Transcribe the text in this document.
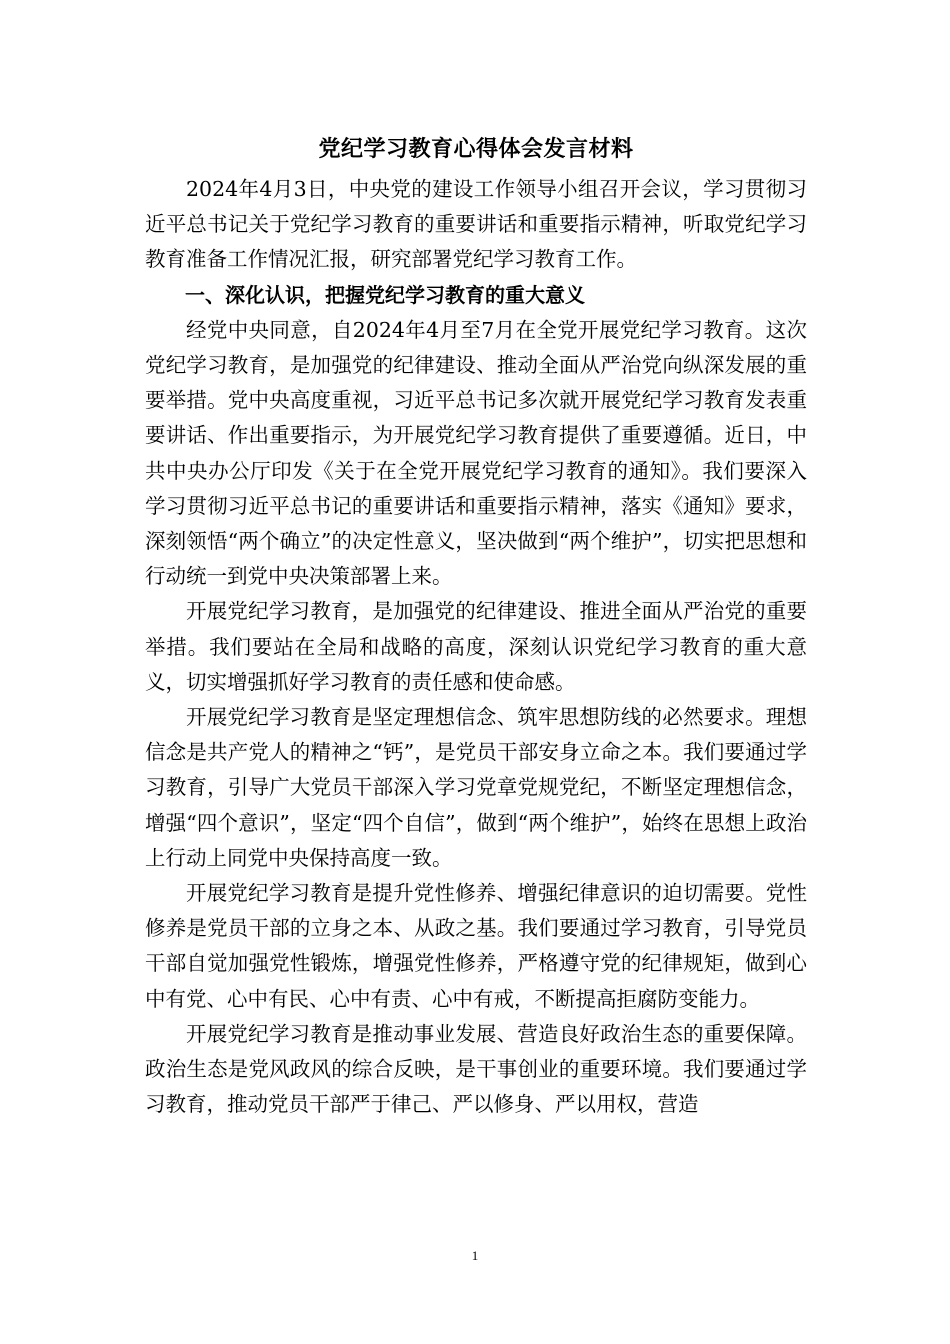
党纪学习教育心得体会发言材料

2024年4月3日，中央党的建设工作领导小组召开会议，学习贯彻习近平总书记关于党纪学习教育的重要讲话和重要指示精神，听取党纪学习教育准备工作情况汇报，研究部署党纪学习教育工作。

一、深化认识，把握党纪学习教育的重大意义

经党中央同意，自2024年4月至7月在全党开展党纪学习教育。这次党纪学习教育，是加强党的纪律建设、推动全面从严治党向纵深发展的重要举措。党中央高度重视，习近平总书记多次就开展党纪学习教育发表重要讲话、作出重要指示，为开展党纪学习教育提供了重要遵循。近日，中共中央办公厅印发《关于在全党开展党纪学习教育的通知》。我们要深入学习贯彻习近平总书记的重要讲话和重要指示精神，落实《通知》要求，深刻领悟“两个确立”的决定性意义，坚决做到“两个维护”，切实把思想和行动统一到党中央决策部署上来。

开展党纪学习教育，是加强党的纪律建设、推进全面从严治党的重要举措。我们要站在全局和战略的高度，深刻认识党纪学习教育的重大意义，切实增强抓好学习教育的责任感和使命感。

开展党纪学习教育是坚定理想信念、筑牢思想防线的必然要求。理想信念是共产党人的精神之“钙”，是党员干部安身立命之本。我们要通过学习教育，引导广大党员干部深入学习党章党规党纪，不断坚定理想信念，增强“四个意识”，坚定“四个自信”，做到“两个维护”，始终在思想上政治上行动上同党中央保持高度一致。

开展党纪学习教育是提升党性修养、增强纪律意识的迫切需要。党性修养是党员干部的立身之本、从政之基。我们要通过学习教育，引导党员干部自觉加强党性锻炼，增强党性修养，严格遵守党的纪律规矩，做到心中有党、心中有民、心中有责、心中有戒，不断提高拒腐防变能力。

开展党纪学习教育是推动事业发展、营造良好政治生态的重要保障。政治生态是党风政风的综合反映，是干事创业的重要环境。我们要通过学习教育，推动党员干部严于律己、严以修身、严以用权，营造

1
